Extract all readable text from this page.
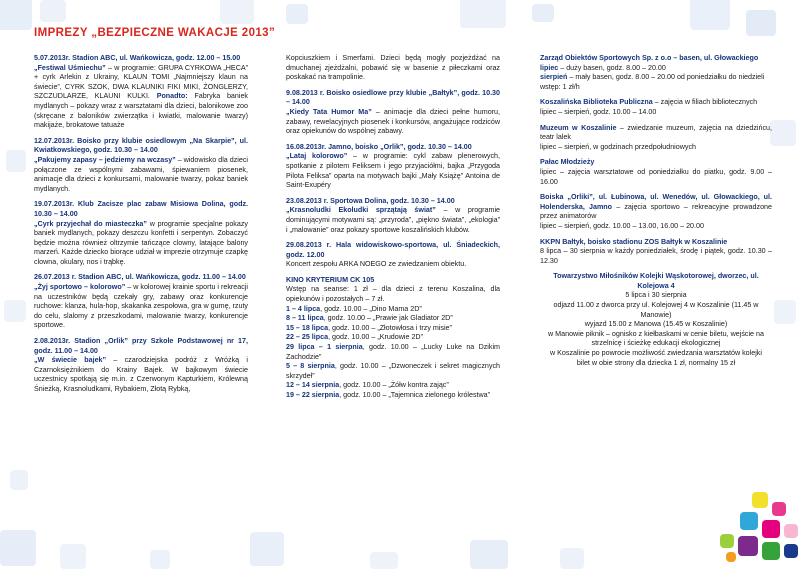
IMPREZY „BEZPIECZNE WAKACJE 2013”

5.07.2013r. Stadion ABC, ul. Wańkowicza, godz. 12.00 – 15.00
„Festiwal Uśmiechu” – w programie: GRUPA CYRKOWA „HECA” + cyrk Arlekin z Ukrainy, KLAUN TOMI „Najmniejszy klaun na świecie”, CYRK SZOK, DWA KLAUNIKI FIKI MIKI, ŻONGLERZY, SZCZUDLARZE, KLAUNI KULKI. Ponadto: Fabryka baniek mydlanych – pokazy wraz z warsztatami dla dzieci, balonikowe zoo (skręcane z baloników zwierzątka i kwiatki, malowanie twarzy) makijaże, brokatowe tatuaże

12.07.2013r. Boisko przy klubie osiedlowym „Na Skarpie”, ul. Kwiatkowskiego, godz. 10.30 – 14.00
„Pakujemy zapasy – jedziemy na wczasy” – widowisko dla dzieci połączone ze wspólnymi zabawami, śpiewaniem piosenek, animacje dla dzieci z konkursami, malowanie twarzy, pokaz baniek mydlanych.

19.07.2013r. Klub Zacisze plac zabaw Misiowa Dolina, godz. 10.30 – 14.00
„Cyrk przyjechał do miasteczka” w programie specjalne pokazy baniek mydlanych, pokazy deszczu konfetti i serpentyn. Zobaczyć będzie można również oltrzymie tańczące clowny, latające balony marzeń. Każde dziecko biorące udział w imprezie otrzymuje czapkę clowna, okulary, nos i trąbkę.

26.07.2013 r. Stadion ABC, ul. Wańkowicza, godz. 11.00 – 14.00
„Żyj sportowo – kolorowo” – w kolorowej krainie sportu i rekreacji na uczestników będą czekały gry, zabawy oraz konkurencje ruchowe: klanza, hula-hop, skakanka zespołowa, gra w gumę, rzuty do celu, slalomy z przeszkodami, malowanie twarzy, konkurencje sportowe.

2.08.2013r. Stadion „Orlik” przy Szkole Podstawowej nr 17, godz. 11.00 – 14.00
„W świecie bajek” – czarodziejska podróż z Wróżką i Czarnoksiężnikiem do Krainy Bajek. W bajkowym świecie uczestnicy spotkają się m.in. z Czerwonym Kapturkiem, Królewną Śnieżką, Krasnoludkami, Rybakiem, Złotą Rybką,

Kopciuszkiem i Smerfami. Dzieci będą mogły pozjeżdżać na dmuchanej zjeżdżalni, pobawić się w basenie z piłeczkami oraz poskakać na trampolinie.

9.08.2013 r. Boisko osiedlowe przy klubie „Bałtyk”, godz. 10.30 – 14.00
„Kiedy Tata Humor Ma” – animacje dla dzieci pełne humoru, zabawy, rewelacyjnych piosenek i konkursów, angażujące rodziców oraz opiekunów do wspólnej zabawy.

16.08.2013r. Jamno, boisko „Orlik”, godz. 10.30 – 14.00
„Lataj kolorowo” – w programie: cykl zabaw plenerowych, spotkanie z pilotem Feliksem i jego przyjaciółmi, bajka „Przygoda Pilota Feliksa” oparta na motywach bajki „Mały Książę” Antoina de Saint-Exupéry

23.08.2013 r. Sportowa Dolina, godz. 10.30 – 14.00
„Krasnoludki Ekoludki sprzątają świat” – w programie dominującymi motywami są: „przyroda”, „piękno świata”, „ekologia” i „malowanie” oraz pokazy sportowe koszalińskich klubów.

29.08.2013 r. Hala widowiskowo-sportowa, ul. Śniadeckich, godz. 12.00
Koncert zespołu ARKA NOEGO ze zwiedzaniem obiektu.

KINO KRYTERIUM CK 105
Wstęp na seanse: 1 zł – dla dzieci z terenu Koszalina, dla opiekunów i pozostałych – 7 zł.
1 – 4 lipca, godz. 10.00 – „Dino Mama 2D”
8 – 11 lipca, godz. 10.00 – „Prawie jak Gladiator 2D”
15 – 18 lipca, godz. 10.00 – „Złotowłosa i trzy misie”
22 – 25 lipca, godz. 10.00 – „Krudowie 2D”
29 lipca – 1 sierpnia, godz. 10.00 – „Lucky Luke na Dzikim Zachodzie”
5 – 8 sierpnia, godz. 10.00 – „Dzwoneczek i sekret magicznych skrzydeł”
12 – 14 sierpnia, godz. 10.00 – „Żółw kontra zając”
19 – 22 sierpnia, godz. 10.00 – „Tajemnica zielonego królestwa”

Zarząd Obiektów Sportowych Sp. z o.o – basen, ul. Głowackiego
lipiec – duży basen, godz. 8.00 – 20.00
sierpień – mały basen, godz. 8.00 – 20.00 od poniedziałku do niedzieli
wstęp: 1 zł/h

Koszalińska Biblioteka Publiczna – zajęcia w filiach bibliotecznych
lipiec – sierpień, godz. 10.00 – 14.00

Muzeum w Koszalinie – zwiedzanie muzeum, zajęcia na dziedzińcu, teatr lalek
lipiec – sierpień, w godzinach przedpołudniowych

Pałac Młodzieży
lipiec – zajęcia warsztatowe od poniedziałku do piatku, godz. 9.00 – 16.00

Boiska „Orliki”, ul. Łubinowa, ul. Wenedów, ul. Głowackiego, ul. Holenderska, Jamno – zajęcia sportowo – rekreacyjne prowadzone przez animatorów
lipiec – sierpień, godz. 10.00 – 13.00, 16.00 – 20.00

KKPN Bałtyk, boisko stadionu ZOS Bałtyk w Koszalinie
8 lipca – 30 sierpnia w każdy poniedziałek, środę i piątek, godz. 10.30 – 12.30

Towarzystwo Miłośników Kolejki Wąskotorowej, dworzec, ul. Kolejowa 4
5 lipca i 30 sierpnia
odjazd 11.00 z dworca przy ul. Kolejowej 4 w Koszalinie (11.45 w Manowie)
wyjazd 15.00 z Manowa (15.45 w Koszalinie)
w Manowie piknik – ognisko z kiełbaskami w cenie biletu, wejście na strzelnicę i ścieżkę edukacji ekologicznej
w Koszalinie po powrocie możliwość zwiedzania warsztatów kolejki
bilet w obie strony dla dziecka 1 zł, normalny 15 zł
